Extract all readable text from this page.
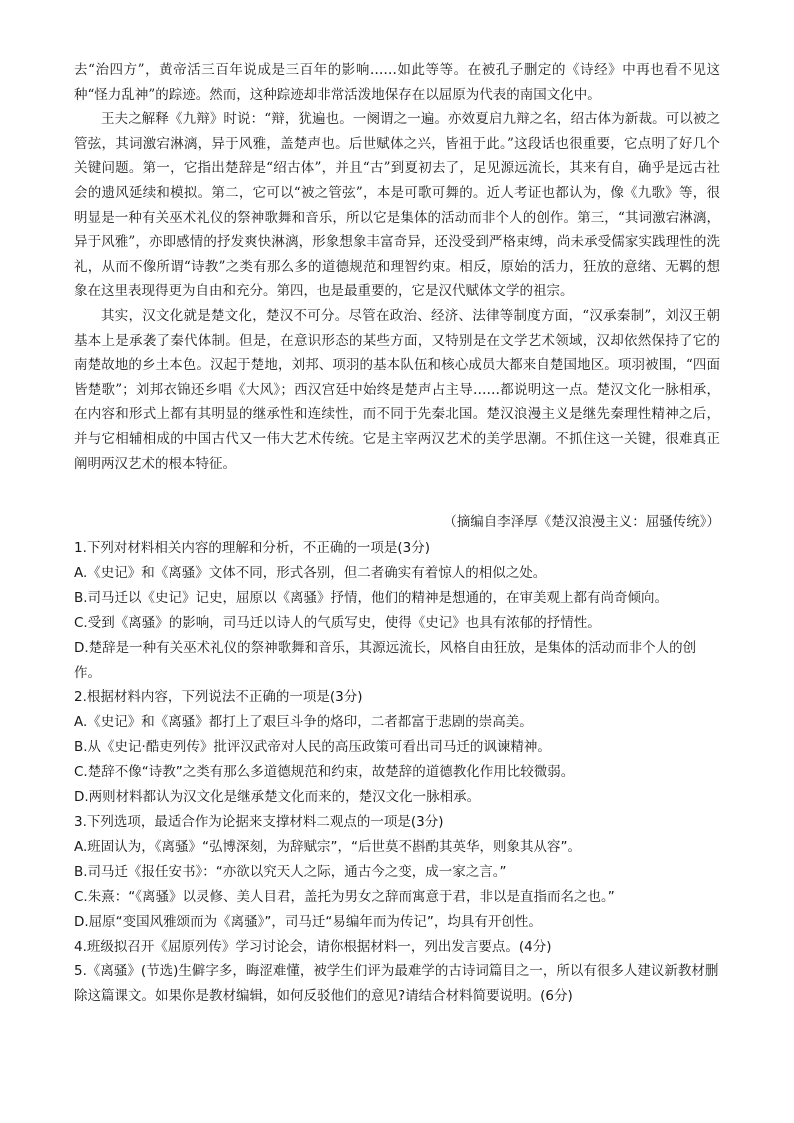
去“治四方”，黄帝活三百年说成是三百年的影响……如此等等。在被孔子删定的《诗经》中再也看不见这种“怪力乱神”的踪迹。然而，这种踪迹却非常活泼地保存在以屈原为代表的南国文化中。

王夫之解释《九辩》时说：“辩，犹遍也。一阕谓之一遍。亦效夏启九辩之名，绍古体为新裁。可以被之管弦，其词激宕淋漓，异于风雅，盖楚声也。后世赋体之兴，皆祖于此。”这段话也很重要，它点明了好几个关键问题。第一，它指出楚辞是“绍古体”，并且“古”到夏初去了，足见源远流长，其来有自，确乎是远古社会的遗风延续和模拟。第二，它可以“被之管弦”，本是可歌可舞的。近人考证也都认为，像《九歌》等，很明显是一种有关巫术礼仪的祭神歌舞和音乐，所以它是集体的活动而非个人的创作。第三，“其词激宕淋漓，异于风雅”，亦即感情的抒发爽快淋漓，形象想象丰富奇异，还没受到严格束缚，尚未承受儒家实践理性的洗礼，从而不像所谓“诗教”之类有那么多的道德规范和理智约束。相反，原始的活力，狂放的意绪、无羁的想象在这里表现得更为自由和充分。第四，也是最重要的，它是汉代赋体文学的祖宗。

其实，汉文化就是楚文化，楚汉不可分。尽管在政治、经济、法律等制度方面，“汉承秦制”，刘汉王朝基本上是承袭了秦代体制。但是，在意识形态的某些方面，又特别是在文学艺术领域，汉却依然保持了它的南楚故地的乡土本色。汉起于楚地，刘邦、项羽的基本队伍和核心成员大都来自楚国地区。项羽被围，“四面皆楚歌”；刘邦衣锦还乡唱《大风》；西汉宫廷中始终是楚声占主导……都说明这一点。楚汉文化一脉相承，在内容和形式上都有其明显的继承性和连续性，而不同于先秦北国。楚汉浪漫主义是继先秦理性精神之后，并与它相辅相成的中国古代又一伟大艺术传统。它是主宰两汉艺术的美学思潮。不抓住这一关键，很难真正阐明两汉艺术的根本特征。

（摘编自李泽厚《楚汉浪漫主义：屈骚传统》）

1.下列对材料相关内容的理解和分析，不正确的一项是(3分)

A.《史记》和《离骚》文体不同，形式各别，但二者确实有着惊人的相似之处。

B.司马迁以《史记》记史，屈原以《离骚》抒情，他们的精神是想通的，在审美观上都有尚奇倾向。

C.受到《离骚》的影响，司马迁以诗人的气质写史，使得《史记》也具有浓郁的抒情性。

D.楚辞是一种有关巫术礼仪的祭神歌舞和音乐，其源远流长，风格自由狂放，是集体的活动而非个人的创作。

2.根据材料内容，下列说法不正确的一项是(3分)

A.《史记》和《离骚》都打上了艰巨斗争的烙印，二者都富于悲剧的崇高美。

B.从《史记·酷吏列传》批评汉武帝对人民的高压政策可看出司马迁的讽谏精神。

C.楚辞不像“诗教”之类有那么多道德规范和约束，故楚辞的道德教化作用比较微弱。

D.两则材料都认为汉文化是继承楚文化而来的，楚汉文化一脉相承。

3.下列选项，最适合作为论据来支撑材料二观点的一项是(3分)

A.班固认为，《离骚》“弘博深刻，为辞赋宗”，“后世莫不斟酌其英华，则象其从容”。

B.司马迁《报任安书》：“亦欲以究天人之际，通古今之变，成一家之言。”

C.朱熹：“《离骚》以灵修、美人目君，盖托为男女之辞而寓意于君，非以是直指而名之也。”

D.屈原“变国风雅颂而为《离骚》”，司马迁“易编年而为传记”，均具有开创性。

4.班级拟召开《屈原列传》学习讨论会，请你根据材料一，列出发言要点。(4分)

5.《离骚》(节选)生僻字多，晦涩难懂，被学生们评为最难学的古诗词篇目之一，所以有很多人建议新教材删除这篇课文。如果你是教材编辑，如何反驳他们的意见?请结合材料简要说明。(6分)
